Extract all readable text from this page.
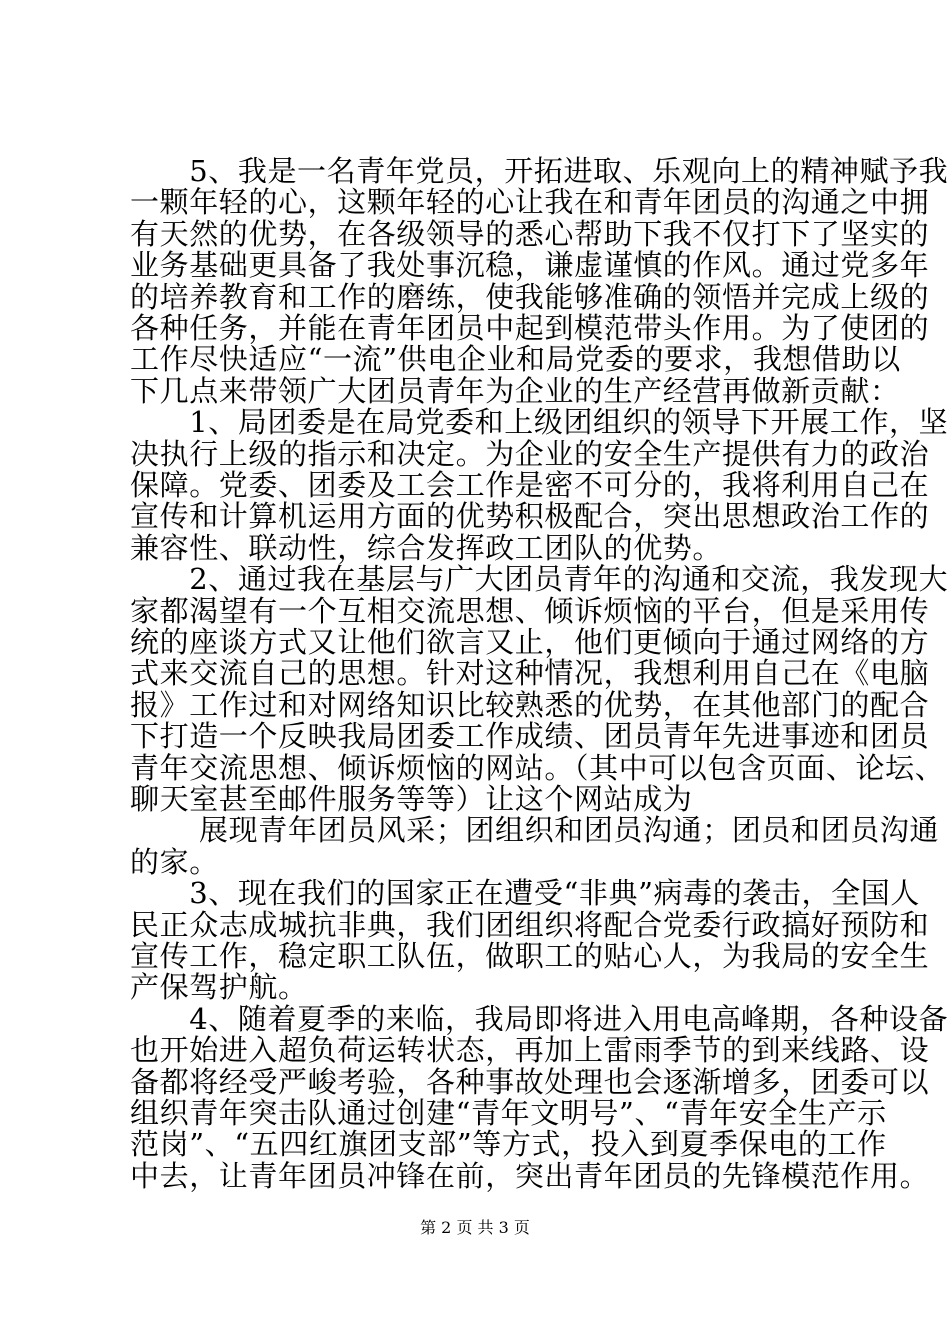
　　5、我是一名青年党员，开拓进取、乐观向上的精神赋予我
一颗年轻的心，这颗年轻的心让我在和青年团员的沟通之中拥
有天然的优势，在各级领导的悉心帮助下我不仅打下了坚实的
业务基础更具备了我处事沉稳，谦虚谨慎的作风。通过党多年
的培养教育和工作的磨练，使我能够准确的领悟并完成上级的
各种任务，并能在青年团员中起到模范带头作用。为了使团的
工作尽快适应“一流”供电企业和局党委的要求，我想借助以
下几点来带领广大团员青年为企业的生产经营再做新贡献：
　　1、局团委是在局党委和上级团组织的领导下开展工作，坚
决执行上级的指示和决定。为企业的安全生产提供有力的政治
保障。党委、团委及工会工作是密不可分的，我将利用自己在
宣传和计算机运用方面的优势积极配合，突出思想政治工作的
兼容性、联动性，综合发挥政工团队的优势。
　　2、通过我在基层与广大团员青年的沟通和交流，我发现大
家都渴望有一个互相交流思想、倾诉烦恼的平台，但是采用传
统的座谈方式又让他们欲言又止，他们更倾向于通过网络的方
式来交流自己的思想。针对这种情况，我想利用自己在《电脑
报》工作过和对网络知识比较熟悉的优势，在其他部门的配合
下打造一个反映我局团委工作成绩、团员青年先进事迹和团员
青年交流思想、倾诉烦恼的网站。（其中可以包含页面、论坛、
聊天室甚至邮件服务等等）让这个网站成为
　　 展现青年团员风采；团组织和团员沟通；团员和团员沟通
的家。
　　3、现在我们的国家正在遭受“非典”病毒的袭击，全国人
民正众志成城抗非典，我们团组织将配合党委行政搞好预防和
宣传工作，稳定职工队伍，做职工的贴心人，为我局的安全生
产保驾护航。
　　4、随着夏季的来临，我局即将进入用电高峰期，各种设备
也开始进入超负荷运转状态，再加上雷雨季节的到来线路、设
备都将经受严峻考验，各种事故处理也会逐渐增多，团委可以
组织青年突击队通过创建“青年文明号”、“青年安全生产示
范岗”、“五四红旗团支部”等方式，投入到夏季保电的工作
中去，让青年团员冲锋在前，突出青年团员的先锋模范作用。
第 2 页 共 3 页
